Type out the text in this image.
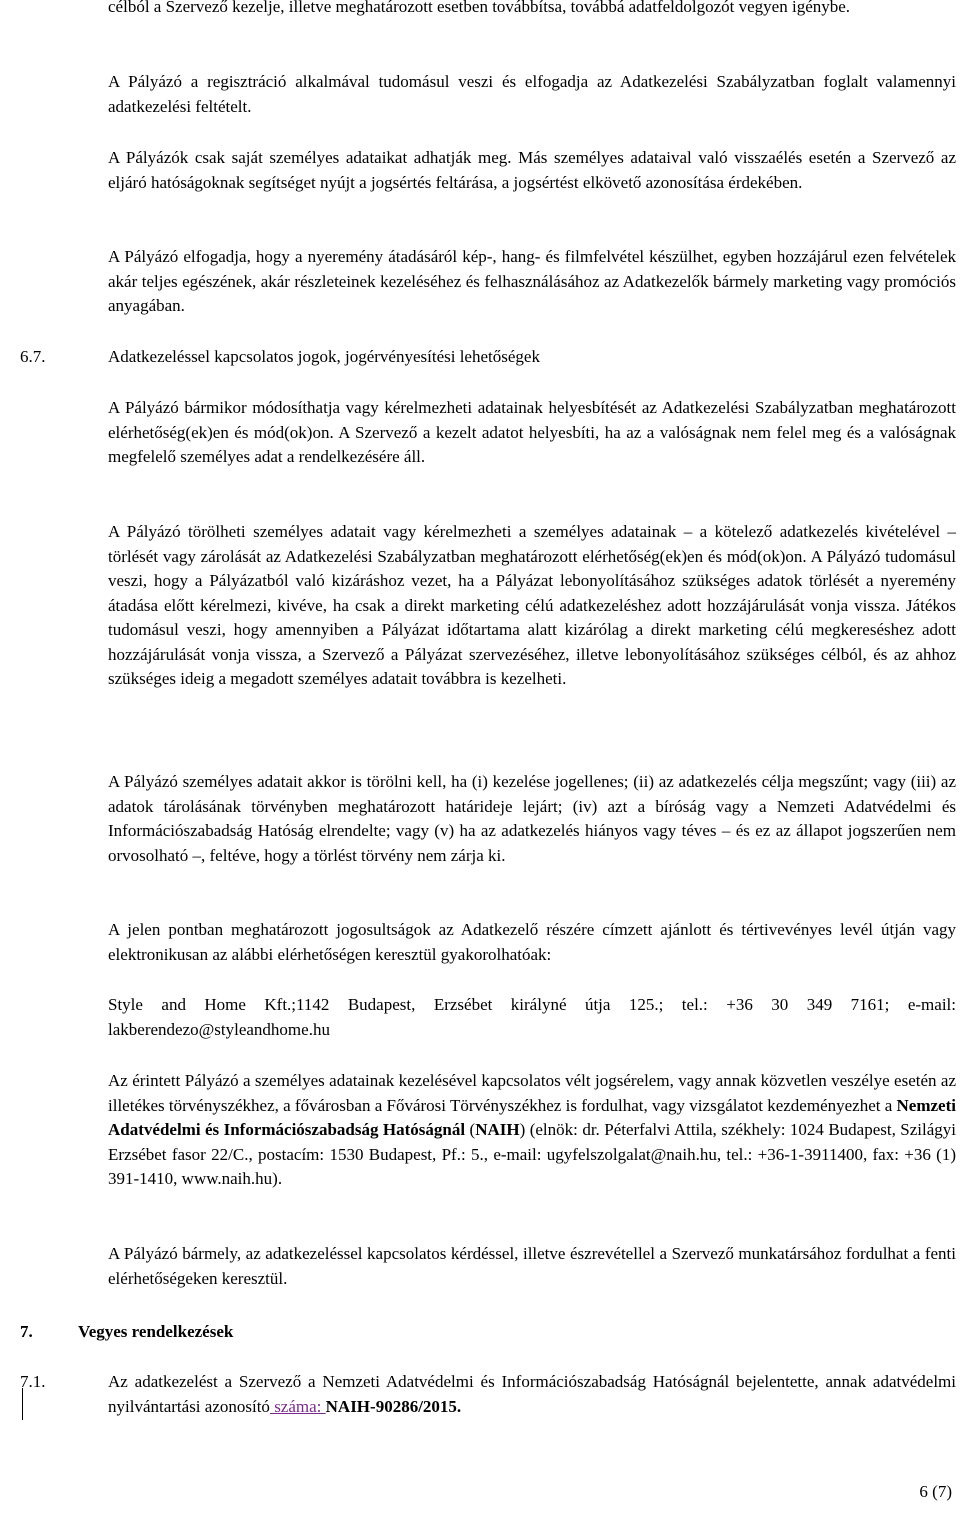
célból a Szervező kezelje, illetve meghatározott esetben továbbítsa, továbbá adatfeldolgozót vegyen igénybe.

A Pályázó a regisztráció alkalmával tudomásul veszi és elfogadja az Adatkezelési Szabályzatban foglalt valamennyi adatkezelési feltételt.

A Pályázók csak saját személyes adataikat adhatják meg. Más személyes adataival való visszaélés esetén a Szervező az eljáró hatóságoknak segítséget nyújt a jogsértés feltárása, a jogsértést elkövető azonosítása érdekében.

A Pályázó elfogadja, hogy a nyeremény átadásáról kép-, hang- és filmfelvétel készülhet, egyben hozzájárul ezen felvételek akár teljes egészének, akár részleteinek kezeléséhez és felhasználásához az Adatkezelők bármely marketing vagy promóciós anyagában.

6.7.	Adatkezeléssel kapcsolatos jogok, jogérvényesítési lehetőségek

A Pályázó bármikor módosíthatja vagy kérelmezheti adatainak helyesbítését az Adatkezelési Szabályzatban meghatározott elérhetőség(ek)en és mód(ok)on. A Szervező a kezelt adatot helyesbíti, ha az a valóságnak nem felel meg és a valóságnak megfelelő személyes adat a rendelkezésére áll.

A Pályázó törölheti személyes adatait vagy kérelmezheti a személyes adatainak – a kötelező adatkezelés kivételével – törlését vagy zárolását az Adatkezelési Szabályzatban meghatározott elérhetőség(ek)en és mód(ok)on. A Pályázó tudomásul veszi, hogy a Pályázatból való kizáráshoz vezet, ha a Pályázat lebonyolításához szükséges adatok törlését a nyeremény átadása előtt kérelmezi, kivéve, ha csak a direkt marketing célú adatkezeléshez adott hozzájárulását vonja vissza. Játékos tudomásul veszi, hogy amennyiben a Pályázat időtartama alatt kizárólag a direkt marketing célú megkereséshez adott hozzájárulását vonja vissza, a Szervező a Pályázat szervezéséhez, illetve lebonyolításához szükséges célból, és az ahhoz szükséges ideig a megadott személyes adatait továbbra is kezelheti.

A Pályázó személyes adatait akkor is törölni kell, ha (i) kezelése jogellenes; (ii) az adatkezelés célja megszűnt; vagy (iii) az adatok tárolásának törvényben meghatározott határideje lejárt; (iv) azt a bíróság vagy a Nemzeti Adatvédelmi és Információszabadság Hatóság elrendelte; vagy (v) ha az adatkezelés hiányos vagy téves – és ez az állapot jogszerűen nem orvosolható –, feltéve, hogy a törlést törvény nem zárja ki.

A jelen pontban meghatározott jogosultságok az Adatkezelő részére címzett ajánlott és tértivevényes levél útján vagy elektronikusan az alábbi elérhetőségen keresztül gyakorolhatóak:

Style and Home Kft.;1142 Budapest, Erzsébet királyné útja 125.; tel.: +36 30 349 7161; e-mail: lakberendezo@styleandhome.hu

Az érintett Pályázó a személyes adatainak kezelésével kapcsolatos vélt jogsérelem, vagy annak közvetlen veszélye esetén az illetékes törvényszékhez, a fővárosban a Fővárosi Törvényszékhez is fordulhat, vagy vizsgálatot kezdeményezhet a Nemzeti Adatvédelmi és Információszabadság Hatóságnál (NAIH) (elnök: dr. Péterfalvi Attila, székhely: 1024 Budapest, Szilágyi Erzsébet fasor 22/C., postacím: 1530 Budapest, Pf.: 5., e-mail: ugyfelszolgalat@naih.hu, tel.: +36-1-3911400, fax: +36 (1) 391-1410, www.naih.hu).

A Pályázó bármely, az adatkezeléssel kapcsolatos kérdéssel, illetve észrevétellel a Szervező munkatársához fordulhat a fenti elérhetőségeken keresztül.

7.	Vegyes rendelkezések

7.1.	Az adatkezelést a Szervező a Nemzeti Adatvédelmi és Információszabadság Hatóságnál bejelentette, annak adatvédelmi nyilvántartási azonosító száma: NAIH-90286/2015.

6 (7)
